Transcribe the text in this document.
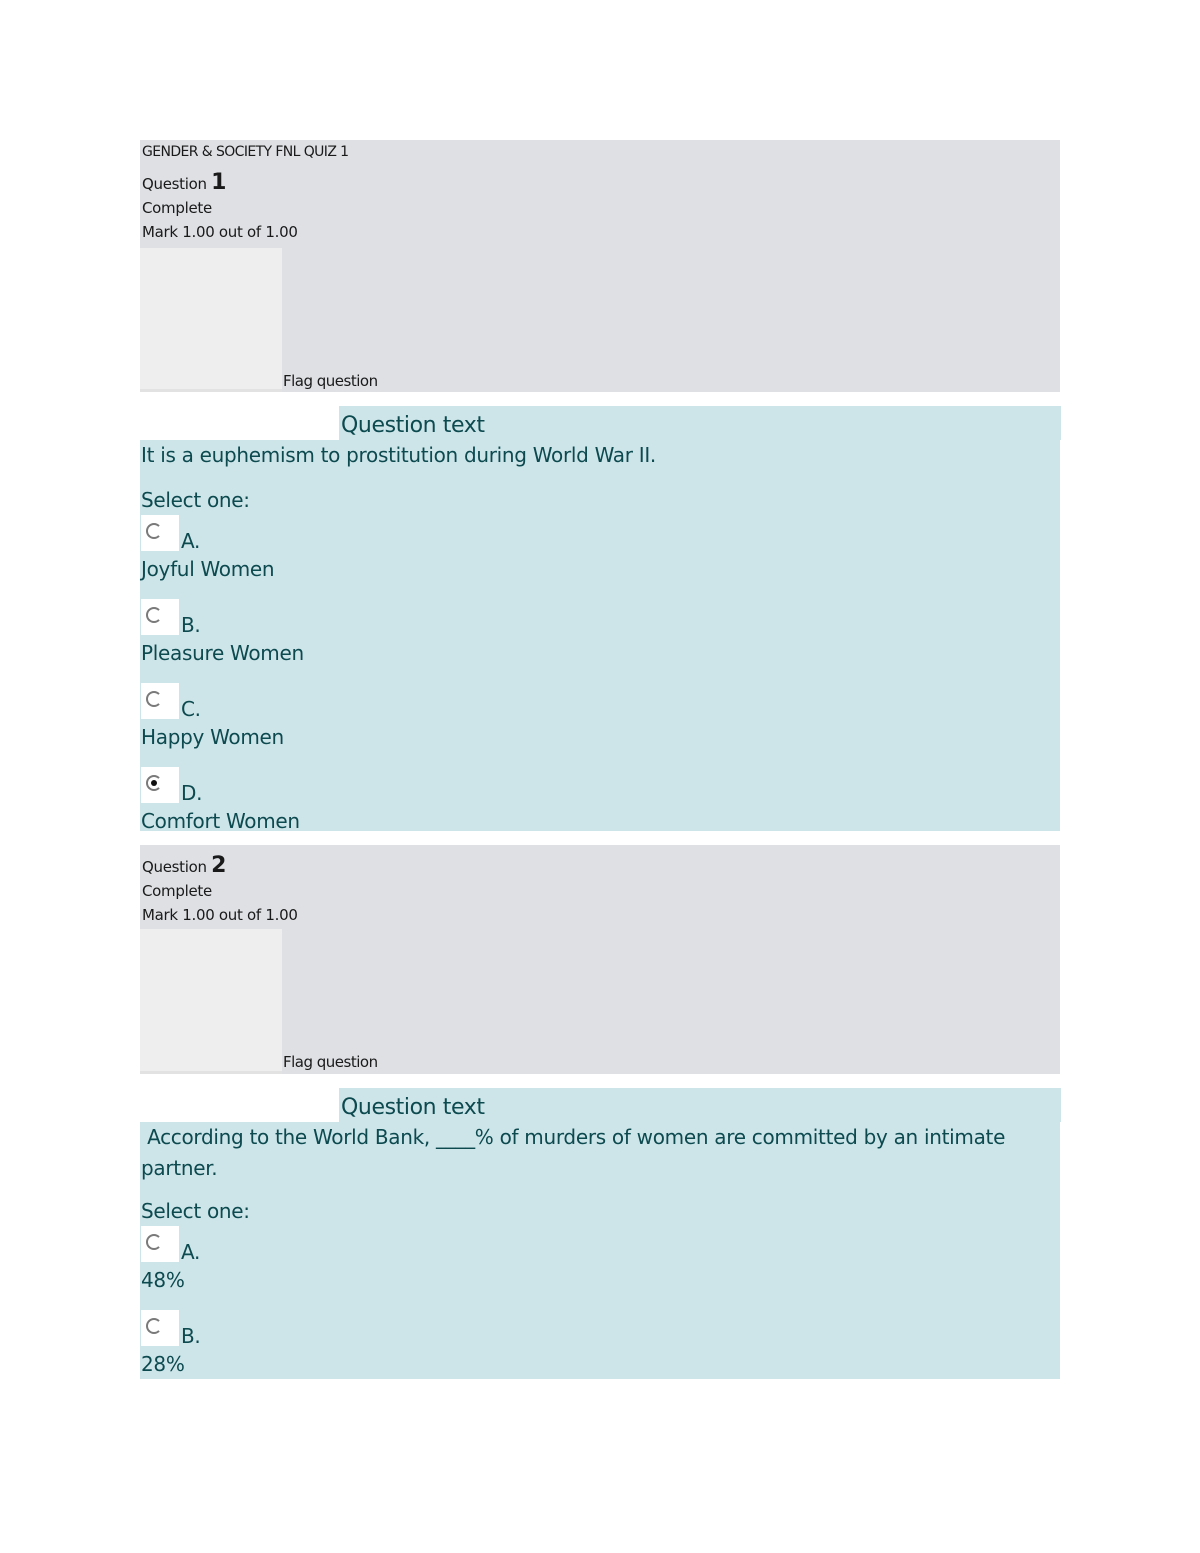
GENDER & SOCIETY FNL QUIZ 1
Question 1
Complete
Mark 1.00 out of 1.00
Flag question
Question text
It is a euphemism to prostitution during World War II.
Select one:
A.
Joyful Women
B.
Pleasure Women
C.
Happy Women
D.
Comfort Women
Question 2
Complete
Mark 1.00 out of 1.00
Flag question
Question text
According to the World Bank, ____% of murders of women are committed by an intimate partner.
Select one:
A.
48%
B.
28%
